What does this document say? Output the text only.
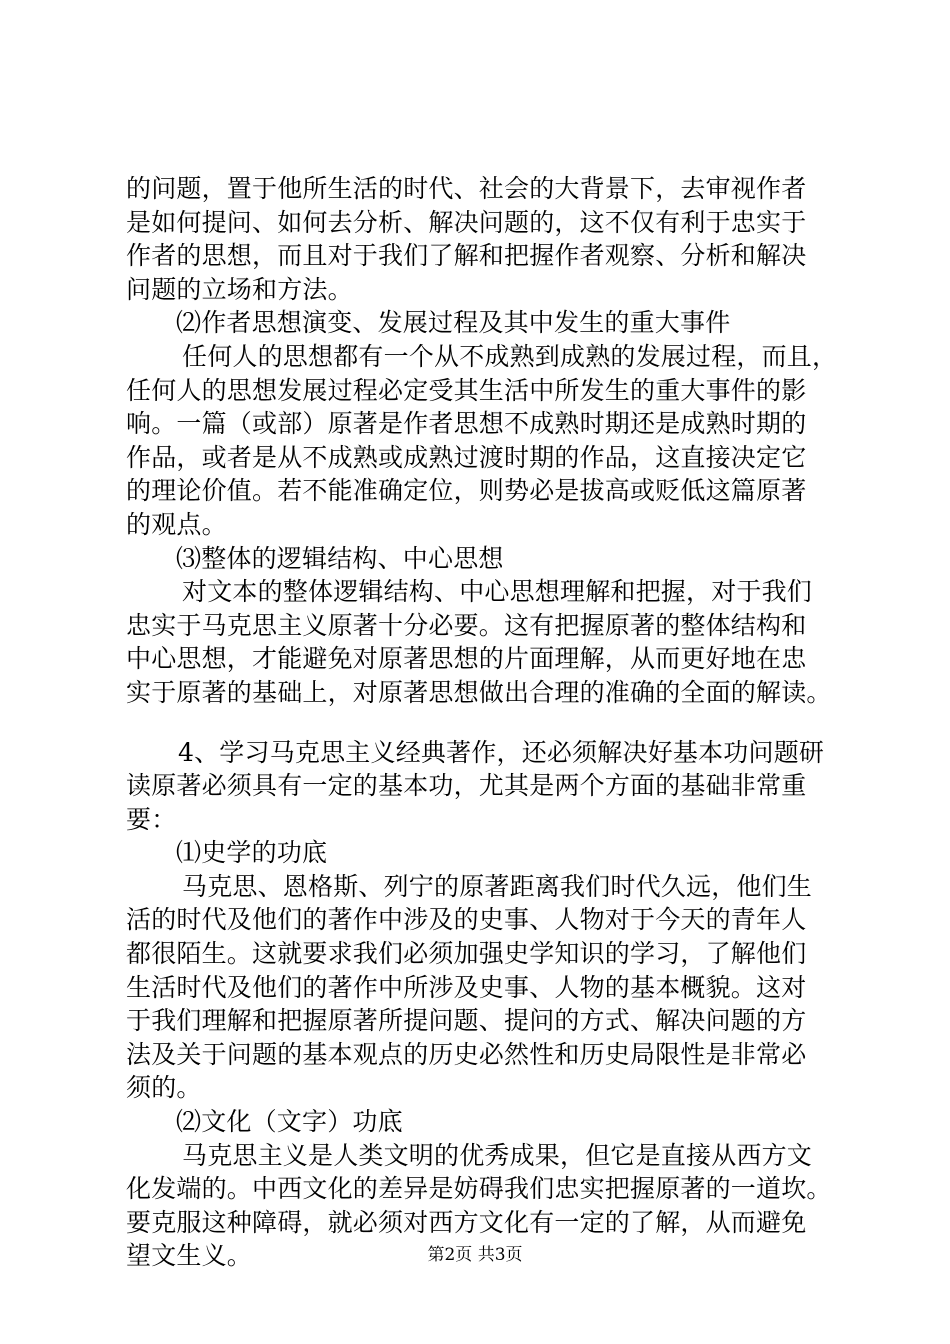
的问题，置于他所生活的时代、社会的大背景下，去审视作者
是如何提问、如何去分析、解决问题的，这不仅有利于忠实于
作者的思想，而且对于我们了解和把握作者观察、分析和解决
问题的立场和方法。
⑵作者思想演变、发展过程及其中发生的重大事件
任何人的思想都有一个从不成熟到成熟的发展过程，而且，
任何人的思想发展过程必定受其生活中所发生的重大事件的影
响。一篇（或部）原著是作者思想不成熟时期还是成熟时期的
作品，或者是从不成熟或成熟过渡时期的作品，这直接决定它
的理论价值。若不能准确定位，则势必是拔高或贬低这篇原著
的观点。
⑶整体的逻辑结构、中心思想
对文本的整体逻辑结构、中心思想理解和把握，对于我们
忠实于马克思主义原著十分必要。这有把握原著的整体结构和
中心思想，才能避免对原著思想的片面理解，从而更好地在忠
实于原著的基础上，对原著思想做出合理的准确的全面的解读。
4、学习马克思主义经典著作，还必须解决好基本功问题研
读原著必须具有一定的基本功，尤其是两个方面的基础非常重
要：
⑴史学的功底
马克思、恩格斯、列宁的原著距离我们时代久远，他们生
活的时代及他们的著作中涉及的史事、人物对于今天的青年人
都很陌生。这就要求我们必须加强史学知识的学习，了解他们
生活时代及他们的著作中所涉及史事、人物的基本概貌。这对
于我们理解和把握原著所提问题、提问的方式、解决问题的方
法及关于问题的基本观点的历史必然性和历史局限性是非常必
须的。
⑵文化（文字）功底
马克思主义是人类文明的优秀成果，但它是直接从西方文
化发端的。中西文化的差异是妨碍我们忠实把握原著的一道坎。
要克服这种障碍，就必须对西方文化有一定的了解，从而避免
望文生义。	第2页 共3页
